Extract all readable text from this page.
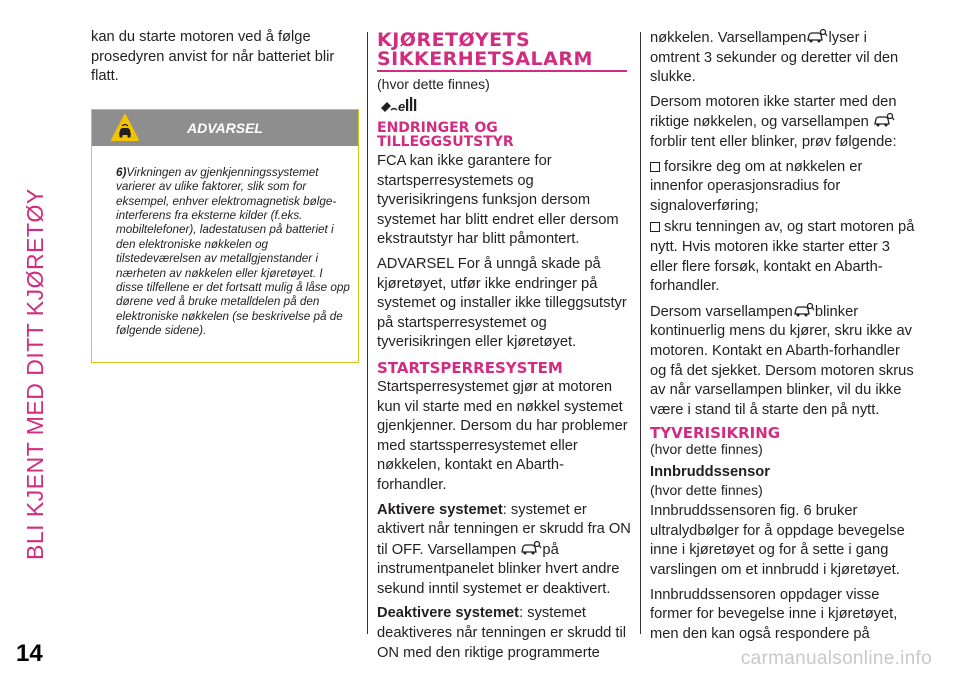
BLI KJENT MED DITT KJØRETØY
14	carmanualsonline.info

kan du starte motoren ved å følge prosedyren anvist for når batteriet blir flatt.

ADVARSEL
6)Virkningen av gjenkjenningssystemet varierer av ulike faktorer, slik som for eksempel, enhver elektromagnetisk bølge-interferens fra eksterne kilder (f.eks. mobiltelefoner), ladestatusen på batteriet i den elektroniske nøkkelen og tilstedeværelsen av metallgjenstander i nærheten av nøkkelen eller kjøretøyet. I disse tilfellene er det fortsatt mulig å låse opp dørene ved å bruke metalldelen på den elektroniske nøkkelen (se beskrivelse på de følgende sidene).
KJØRETØYETS SIKKERHETSALARM
(hvor dette finnes)
e
ENDRINGER OG TILLEGGSUTSTYR

FCA kan ikke garantere for startsperresystemets og tyverisikringens funksjon dersom systemet har blitt endret eller dersom ekstrautstyr har blitt påmontert.

ADVARSEL For å unngå skade på kjøretøyet, utfør ikke endringer på systemet og installer ikke tilleggsutstyr på startsperresystemet og tyverisikringen eller kjøretøyet.

STARTSPERRESYSTEM

Startsperresystemet gjør at motoren kun vil starte med en nøkkel systemet gjenkjenner. Dersom du har problemer med startssperresystemet eller nøkkelen, kontakt en Abarth-forhandler.

Aktivere systemet: systemet er aktivert når tenningen er skrudd fra ON til OFF. Varsellampen på instrumentpanelet blinker hvert andre sekund inntil systemet er deaktivert.

Deaktivere systemet: systemet deaktiveres når tenningen er skrudd til ON med den riktige programmerte

nøkkelen. Varsellampen lyser i omtrent 3 sekunder og deretter vil den slukke.

Dersom motoren ikke starter med den riktige nøkkelen, og varsellampen forblir tent eller blinker, prøv følgende:

forsikre deg om at nøkkelen er innenfor operasjonsradius for signaloverføring;

skru tenningen av, og start motoren på nytt. Hvis motoren ikke starter etter 3 eller flere forsøk, kontakt en Abarth-forhandler.

Dersom varsellampen blinker kontinuerlig mens du kjører, skru ikke av motoren. Kontakt en Abarth-forhandler og få det sjekket. Dersom motoren skrus av når varsellampen blinker, vil du ikke være i stand til å starte den på nytt.

TYVERISIKRING
(hvor dette finnes)
Innbruddssensor
(hvor dette finnes)

Innbruddssensoren fig. 6 bruker ultralydbølger for å oppdage bevegelse inne i kjøretøyet og for å sette i gang varslingen om et innbrudd i kjøretøyet.

Innbruddssensoren oppdager visse former for bevegelse inne i kjøretøyet, men den kan også respondere på
